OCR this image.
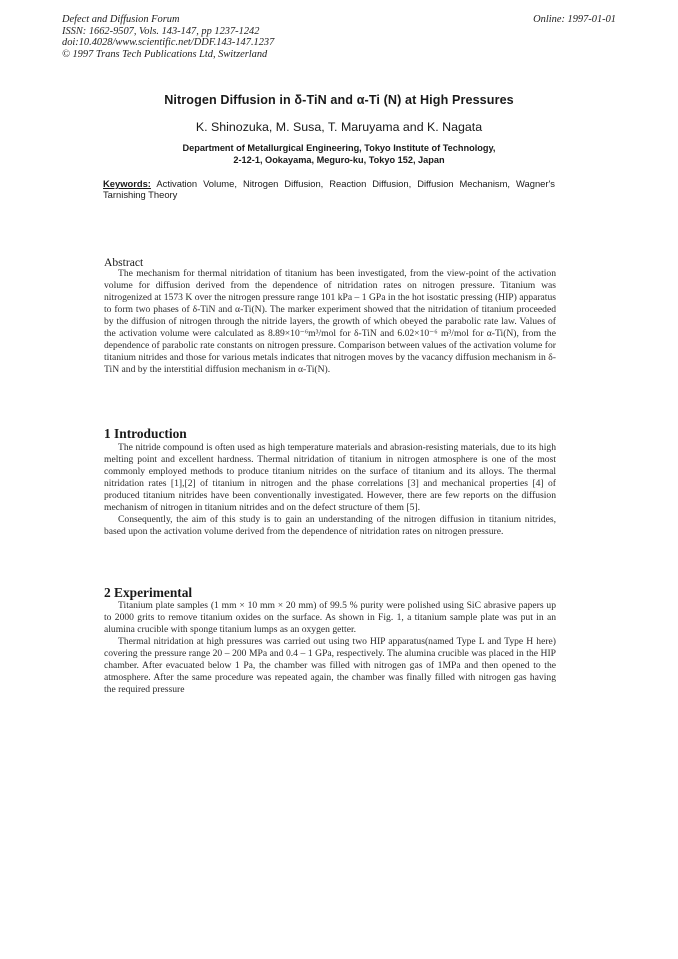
Defect and Diffusion Forum
ISSN: 1662-9507, Vols. 143-147, pp 1237-1242
doi:10.4028/www.scientific.net/DDF.143-147.1237
© 1997 Trans Tech Publications Ltd, Switzerland
Online: 1997-01-01
Nitrogen Diffusion in δ-TiN and α-Ti (N) at High Pressures
K. Shinozuka, M. Susa, T. Maruyama and K. Nagata
Department of Metallurgical Engineering, Tokyo Institute of Technology,
2-12-1, Ookayama, Meguro-ku, Tokyo 152, Japan
Keywords: Activation Volume, Nitrogen Diffusion, Reaction Diffusion, Diffusion Mechanism, Wagner's Tarnishing Theory
Abstract

The mechanism for thermal nitridation of titanium has been investigated, from the view-point of the activation volume for diffusion derived from the dependence of nitridation rates on nitrogen pressure. Titanium was nitrogenized at 1573 K over the nitrogen pressure range 101 kPa – 1 GPa in the hot isostatic pressing (HIP) apparatus to form two phases of δ-TiN and α-Ti(N). The marker experiment showed that the nitridation of titanium proceeded by the diffusion of nitrogen through the nitride layers, the growth of which obeyed the parabolic rate law. Values of the activation volume were calculated as 8.89×10⁻⁶m³/mol for δ-TiN and 6.02×10⁻⁶ m³/mol for α-Ti(N), from the dependence of parabolic rate constants on nitrogen pressure. Comparison between values of the activation volume for titanium nitrides and those for various metals indicates that nitrogen moves by the vacancy diffusion mechanism in δ-TiN and by the interstitial diffusion mechanism in α-Ti(N).

1 Introduction

The nitride compound is often used as high temperature materials and abrasion-resisting materials, due to its high melting point and excellent hardness. Thermal nitridation of titanium in nitrogen atmosphere is one of the most commonly employed methods to produce titanium nitrides on the surface of titanium and its alloys. The thermal nitridation rates [1],[2] of titanium in nitrogen and the phase correlations [3] and mechanical properties [4] of produced titanium nitrides have been conventionally investigated. However, there are few reports on the diffusion mechanism of nitrogen in titanium nitrides and on the defect structure of them [5].

Consequently, the aim of this study is to gain an understanding of the nitrogen diffusion in titanium nitrides, based upon the activation volume derived from the dependence of nitridation rates on nitrogen pressure.

2 Experimental

Titanium plate samples (1 mm × 10 mm × 20 mm) of 99.5 % purity were polished using SiC abrasive papers up to 2000 grits to remove titanium oxides on the surface. As shown in Fig. 1, a titanium sample plate was put in an alumina crucible with sponge titanium lumps as an oxygen getter.

Thermal nitridation at high pressures was carried out using two HIP apparatus(named Type L and Type H here) covering the pressure range 20 – 200 MPa and 0.4 – 1 GPa, respectively. The alumina crucible was placed in the HIP chamber. After evacuated below 1 Pa, the chamber was filled with nitrogen gas of 1MPa and then opened to the atmosphere. After the same procedure was repeated again, the chamber was finally filled with nitrogen gas having the required pressure
